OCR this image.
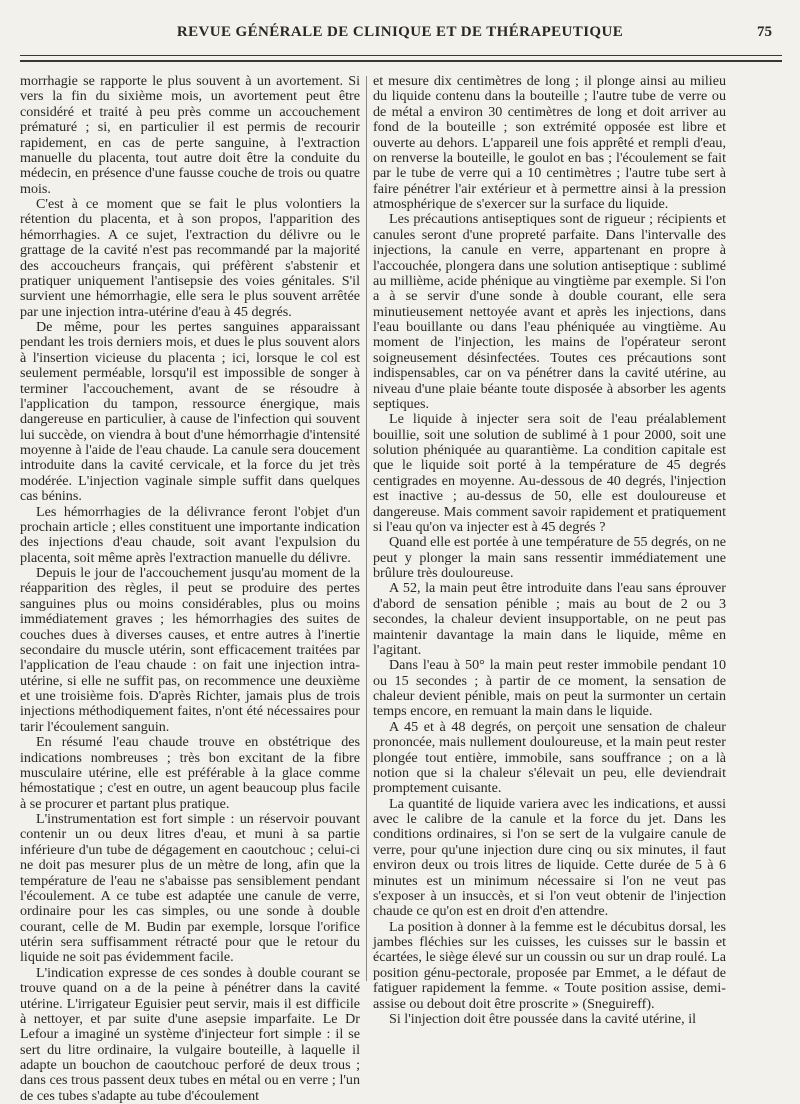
REVUE GÉNÉRALE DE CLINIQUE ET DE THÉRAPEUTIQUE	75

morrhagie se rapporte le plus souvent à un avortement. Si vers la fin du sixième mois, un avortement peut être considéré et traité à peu près comme un accouchement prématuré ; si, en particulier il est permis de recourir rapidement, en cas de perte sanguine, à l'extraction manuelle du placenta, tout autre doit être la conduite du médecin, en présence d'une fausse couche de trois ou quatre mois.

C'est à ce moment que se fait le plus volontiers la rétention du placenta, et à son propos, l'apparition des hémorrhagies. A ce sujet, l'extraction du délivre ou le grattage de la cavité n'est pas recommandé par la majorité des accoucheurs français, qui préfèrent s'abstenir et pratiquer uniquement l'antisepsie des voies génitales. S'il survient une hémorrhagie, elle sera le plus souvent arrêtée par une injection intra-utérine d'eau à 45 degrés.

De même, pour les pertes sanguines apparaissant pendant les trois derniers mois, et dues le plus souvent alors à l'insertion vicieuse du placenta ; ici, lorsque le col est seulement perméable, lorsqu'il est impossible de songer à terminer l'accouchement, avant de se résoudre à l'application du tampon, ressource énergique, mais dangereuse en particulier, à cause de l'infection qui souvent lui succède, on viendra à bout d'une hémorrhagie d'intensité moyenne à l'aide de l'eau chaude. La canule sera doucement introduite dans la cavité cervicale, et la force du jet très modérée. L'injection vaginale simple suffit dans quelques cas bénins.

Les hémorrhagies de la délivrance feront l'objet d'un prochain article ; elles constituent une importante indication des injections d'eau chaude, soit avant l'expulsion du placenta, soit même après l'extraction manuelle du délivre.

Depuis le jour de l'accouchement jusqu'au moment de la réapparition des règles, il peut se produire des pertes sanguines plus ou moins considérables, plus ou moins immédiatement graves ; les hémorrhagies des suites de couches dues à diverses causes, et entre autres à l'inertie secondaire du muscle utérin, sont efficacement traitées par l'application de l'eau chaude : on fait une injection intra-utérine, si elle ne suffit pas, on recommence une deuxième et une troisième fois. D'après Richter, jamais plus de trois injections méthodiquement faites, n'ont été nécessaires pour tarir l'écoulement sanguin.

En résumé l'eau chaude trouve en obstétrique des indications nombreuses ; très bon excitant de la fibre musculaire utérine, elle est préférable à la glace comme hémostatique ; c'est en outre, un agent beaucoup plus facile à se procurer et partant plus pratique.

L'instrumentation est fort simple : un réservoir pouvant contenir un ou deux litres d'eau, et muni à sa partie inférieure d'un tube de dégagement en caoutchouc ; celui-ci ne doit pas mesurer plus de un mètre de long, afin que la température de l'eau ne s'abaisse pas sensiblement pendant l'écoulement. A ce tube est adaptée une canule de verre, ordinaire pour les cas simples, ou une sonde à double courant, celle de M. Budin par exemple, lorsque l'orifice utérin sera suffisamment rétracté pour que le retour du liquide ne soit pas évidemment facile.

L'indication expresse de ces sondes à double courant se trouve quand on a de la peine à pénétrer dans la cavité utérine. L'irrigateur Eguisier peut servir, mais il est difficile à nettoyer, et par suite d'une asepsie imparfaite. Le Dr Lefour a imaginé un système d'injecteur fort simple : il se sert du litre ordinaire, la vulgaire bouteille, à laquelle il adapte un bouchon de caoutchouc perforé de deux trous ; dans ces trous passent deux tubes en métal ou en verre ; l'un de ces tubes s'adapte au tube d'écoulement

et mesure dix centimètres de long ; il plonge ainsi au milieu du liquide contenu dans la bouteille ; l'autre tube de verre ou de métal a environ 30 centimètres de long et doit arriver au fond de la bouteille ; son extrémité opposée est libre et ouverte au dehors. L'appareil une fois apprêté et rempli d'eau, on renverse la bouteille, le goulot en bas ; l'écoulement se fait par le tube de verre qui a 10 centimètres ; l'autre tube sert à faire pénétrer l'air extérieur et à permettre ainsi à la pression atmosphérique de s'exercer sur la surface du liquide.

Les précautions antiseptiques sont de rigueur ; récipients et canules seront d'une propreté parfaite. Dans l'intervalle des injections, la canule en verre, appartenant en propre à l'accouchée, plongera dans une solution antiseptique : sublimé au millième, acide phénique au vingtième par exemple. Si l'on a à se servir d'une sonde à double courant, elle sera minutieusement nettoyée avant et après les injections, dans l'eau bouillante ou dans l'eau phéniquée au vingtième. Au moment de l'injection, les mains de l'opérateur seront soigneusement désinfectées. Toutes ces précautions sont indispensables, car on va pénétrer dans la cavité utérine, au niveau d'une plaie béante toute disposée à absorber les agents septiques.

Le liquide à injecter sera soit de l'eau préalablement bouillie, soit une solution de sublimé à 1 pour 2000, soit une solution phéniquée au quarantième. La condition capitale est que le liquide soit porté à la température de 45 degrés centigrades en moyenne. Au-dessous de 40 degrés, l'injection est inactive ; au-dessus de 50, elle est douloureuse et dangereuse. Mais comment savoir rapidement et pratiquement si l'eau qu'on va injecter est à 45 degrés ?

Quand elle est portée à une température de 55 degrés, on ne peut y plonger la main sans ressentir immédiatement une brûlure très douloureuse.

A 52, la main peut être introduite dans l'eau sans éprouver d'abord de sensation pénible ; mais au bout de 2 ou 3 secondes, la chaleur devient insupportable, on ne peut pas maintenir davantage la main dans le liquide, même en l'agitant.

Dans l'eau à 50° la main peut rester immobile pendant 10 ou 15 secondes ; à partir de ce moment, la sensation de chaleur devient pénible, mais on peut la surmonter un certain temps encore, en remuant la main dans le liquide.

A 45 et à 48 degrés, on perçoit une sensation de chaleur prononcée, mais nullement douloureuse, et la main peut rester plongée tout entière, immobile, sans souffrance ; on a là notion que si la chaleur s'élevait un peu, elle deviendrait promptement cuisante.

La quantité de liquide variera avec les indications, et aussi avec le calibre de la canule et la force du jet. Dans les conditions ordinaires, si l'on se sert de la vulgaire canule de verre, pour qu'une injection dure cinq ou six minutes, il faut environ deux ou trois litres de liquide. Cette durée de 5 à 6 minutes est un minimum nécessaire si l'on ne veut pas s'exposer à un insuccès, et si l'on veut obtenir de l'injection chaude ce qu'on est en droit d'en attendre.

La position à donner à la femme est le décubitus dorsal, les jambes fléchies sur les cuisses, les cuisses sur le bassin et écartées, le siège élevé sur un coussin ou sur un drap roulé. La position génu-pectorale, proposée par Emmet, a le défaut de fatiguer rapidement la femme. « Toute position assise, demi-assise ou debout doit être proscrite » (Sneguireff).

Si l'injection doit être poussée dans la cavité utérine, il
